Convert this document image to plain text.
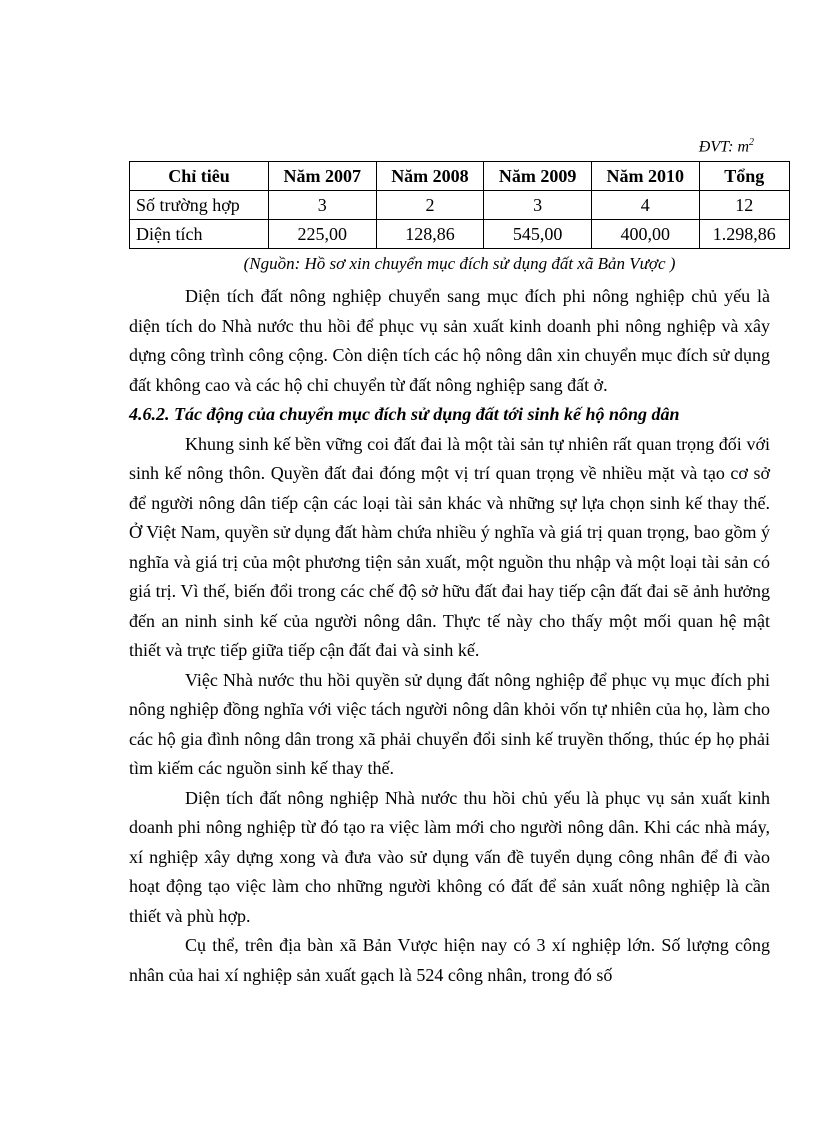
ĐVT: $m^2$
Chỉ tiêu	Năm 2007	Năm 2008	Năm 2009	Năm 2010	Tổng
Số trường hợp	3	2	3	4	12
Diện tích	225,00	128,86	545,00	400,00	1.298,86
(Nguồn: Hồ sơ xin chuyển mục đích sử dụng đất xã Bản Vược )

Diện tích đất nông nghiệp chuyển sang mục đích phi nông nghiệp chủ yếu là diện tích do Nhà nước thu hồi để phục vụ sản xuất kinh doanh phi nông nghiệp và xây dựng công trình công cộng. Còn diện tích các hộ nông dân xin chuyển mục đích sử dụng đất không cao và các hộ chỉ chuyển từ đất nông nghiệp sang đất ở.

4.6.2. Tác động của chuyển mục đích sử dụng đất tới sinh kế hộ nông dân

Khung sinh kế bền vững coi đất đai là một tài sản tự nhiên rất quan trọng đối với sinh kế nông thôn. Quyền đất đai đóng một vị trí quan trọng về nhiều mặt và tạo cơ sở để người nông dân tiếp cận các loại tài sản khác và những sự lựa chọn sinh kế thay thế. Ở Việt Nam, quyền sử dụng đất hàm chứa nhiều ý nghĩa và giá trị quan trọng, bao gồm ý nghĩa và giá trị của một phương tiện sản xuất, một nguồn thu nhập và một loại tài sản có giá trị. Vì thế, biến đổi trong các chế độ sở hữu đất đai hay tiếp cận đất đai sẽ ảnh hưởng đến an ninh sinh kế của người nông dân. Thực tế này cho thấy một mối quan hệ mật thiết và trực tiếp giữa tiếp cận đất đai và sinh kế.

Việc Nhà nước thu hồi quyền sử dụng đất nông nghiệp để phục vụ mục đích phi nông nghiệp đồng nghĩa với việc tách người nông dân khỏi vốn tự nhiên của họ, làm cho các hộ gia đình nông dân trong xã phải chuyển đổi sinh kế truyền thống, thúc ép họ phải tìm kiếm các nguồn sinh kế thay thế.

Diện tích đất nông nghiệp Nhà nước thu hồi chủ yếu là phục vụ sản xuất kinh doanh phi nông nghiệp từ đó tạo ra việc làm mới cho người nông dân. Khi các nhà máy, xí nghiệp xây dựng xong và đưa vào sử dụng vấn đề tuyển dụng công nhân để đi vào hoạt động tạo việc làm cho những người không có đất để sản xuất nông nghiệp là cần thiết và phù hợp.

Cụ thể, trên địa bàn xã Bản Vược hiện nay có 3 xí nghiệp lớn. Số lượng công nhân của hai xí nghiệp sản xuất gạch là 524 công nhân, trong đó số
